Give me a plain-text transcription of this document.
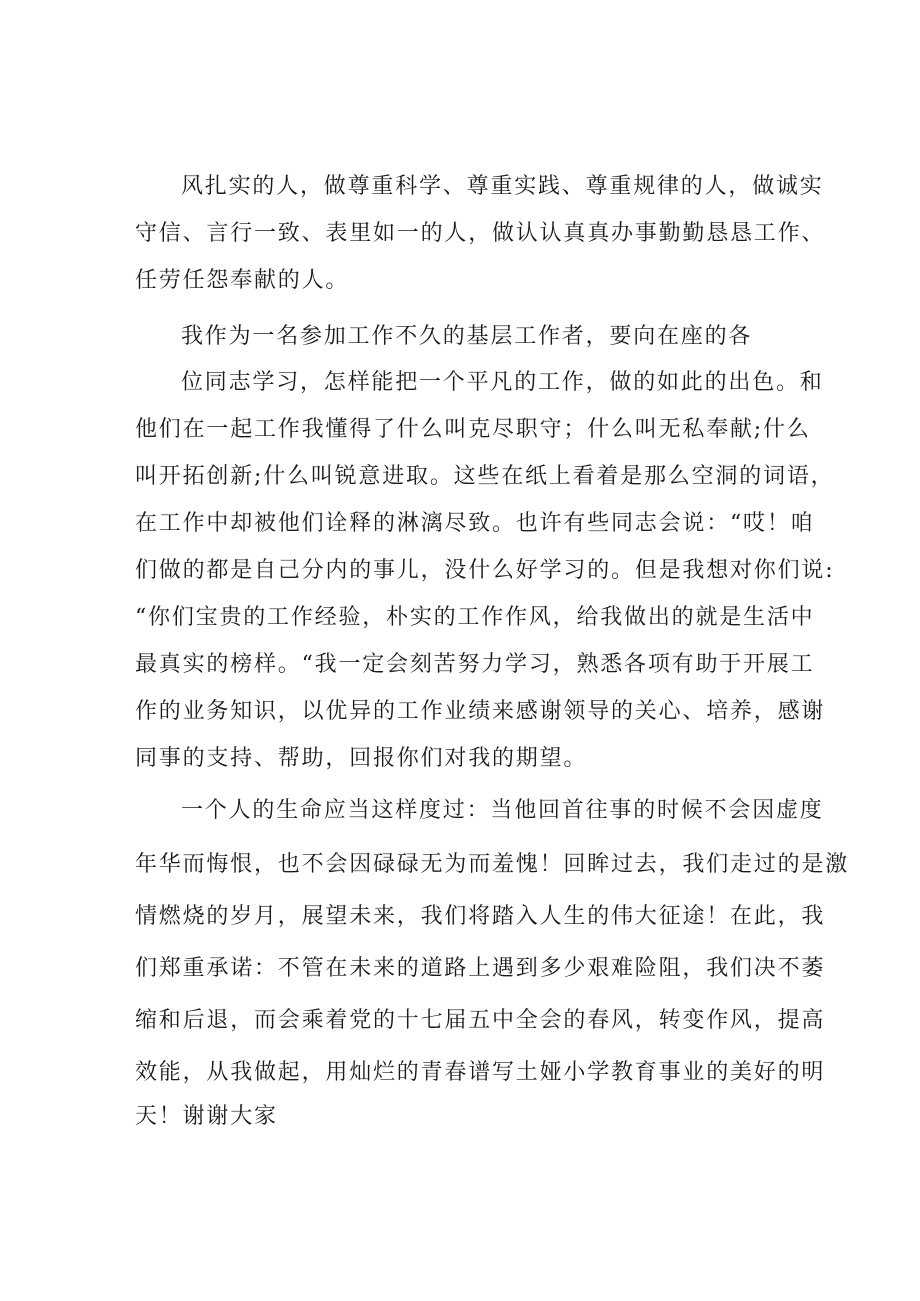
风扎实的人，做尊重科学、尊重实践、尊重规律的人，做诚实
守信、言行一致、表里如一的人，做认认真真办事勤勤恳恳工作、
任劳任怨奉献的人。
我作为一名参加工作不久的基层工作者，要向在座的各
位同志学习，怎样能把一个平凡的工作，做的如此的出色。和
他们在一起工作我懂得了什么叫克尽职守；什么叫无私奉献;什么
叫开拓创新;什么叫锐意进取。这些在纸上看着是那么空洞的词语，
在工作中却被他们诠释的淋漓尽致。也许有些同志会说：“哎！咱
们做的都是自己分内的事儿，没什么好学习的。但是我想对你们说:
“你们宝贵的工作经验，朴实的工作作风，给我做出的就是生活中
最真实的榜样。“我一定会刻苦努力学习，熟悉各项有助于开展工
作的业务知识，以优异的工作业绩来感谢领导的关心、培养，感谢
同事的支持、帮助，回报你们对我的期望。
一个人的生命应当这样度过：当他回首往事的时候不会因虚度
年华而悔恨，也不会因碌碌无为而羞愧！回眸过去，我们走过的是激
情燃烧的岁月，展望未来，我们将踏入人生的伟大征途！在此，我
们郑重承诺：不管在未来的道路上遇到多少艰难险阻，我们决不萎
缩和后退，而会乘着党的十七届五中全会的春风，转变作风，提高
效能，从我做起，用灿烂的青春谱写土娅小学教育事业的美好的明
天！谢谢大家
